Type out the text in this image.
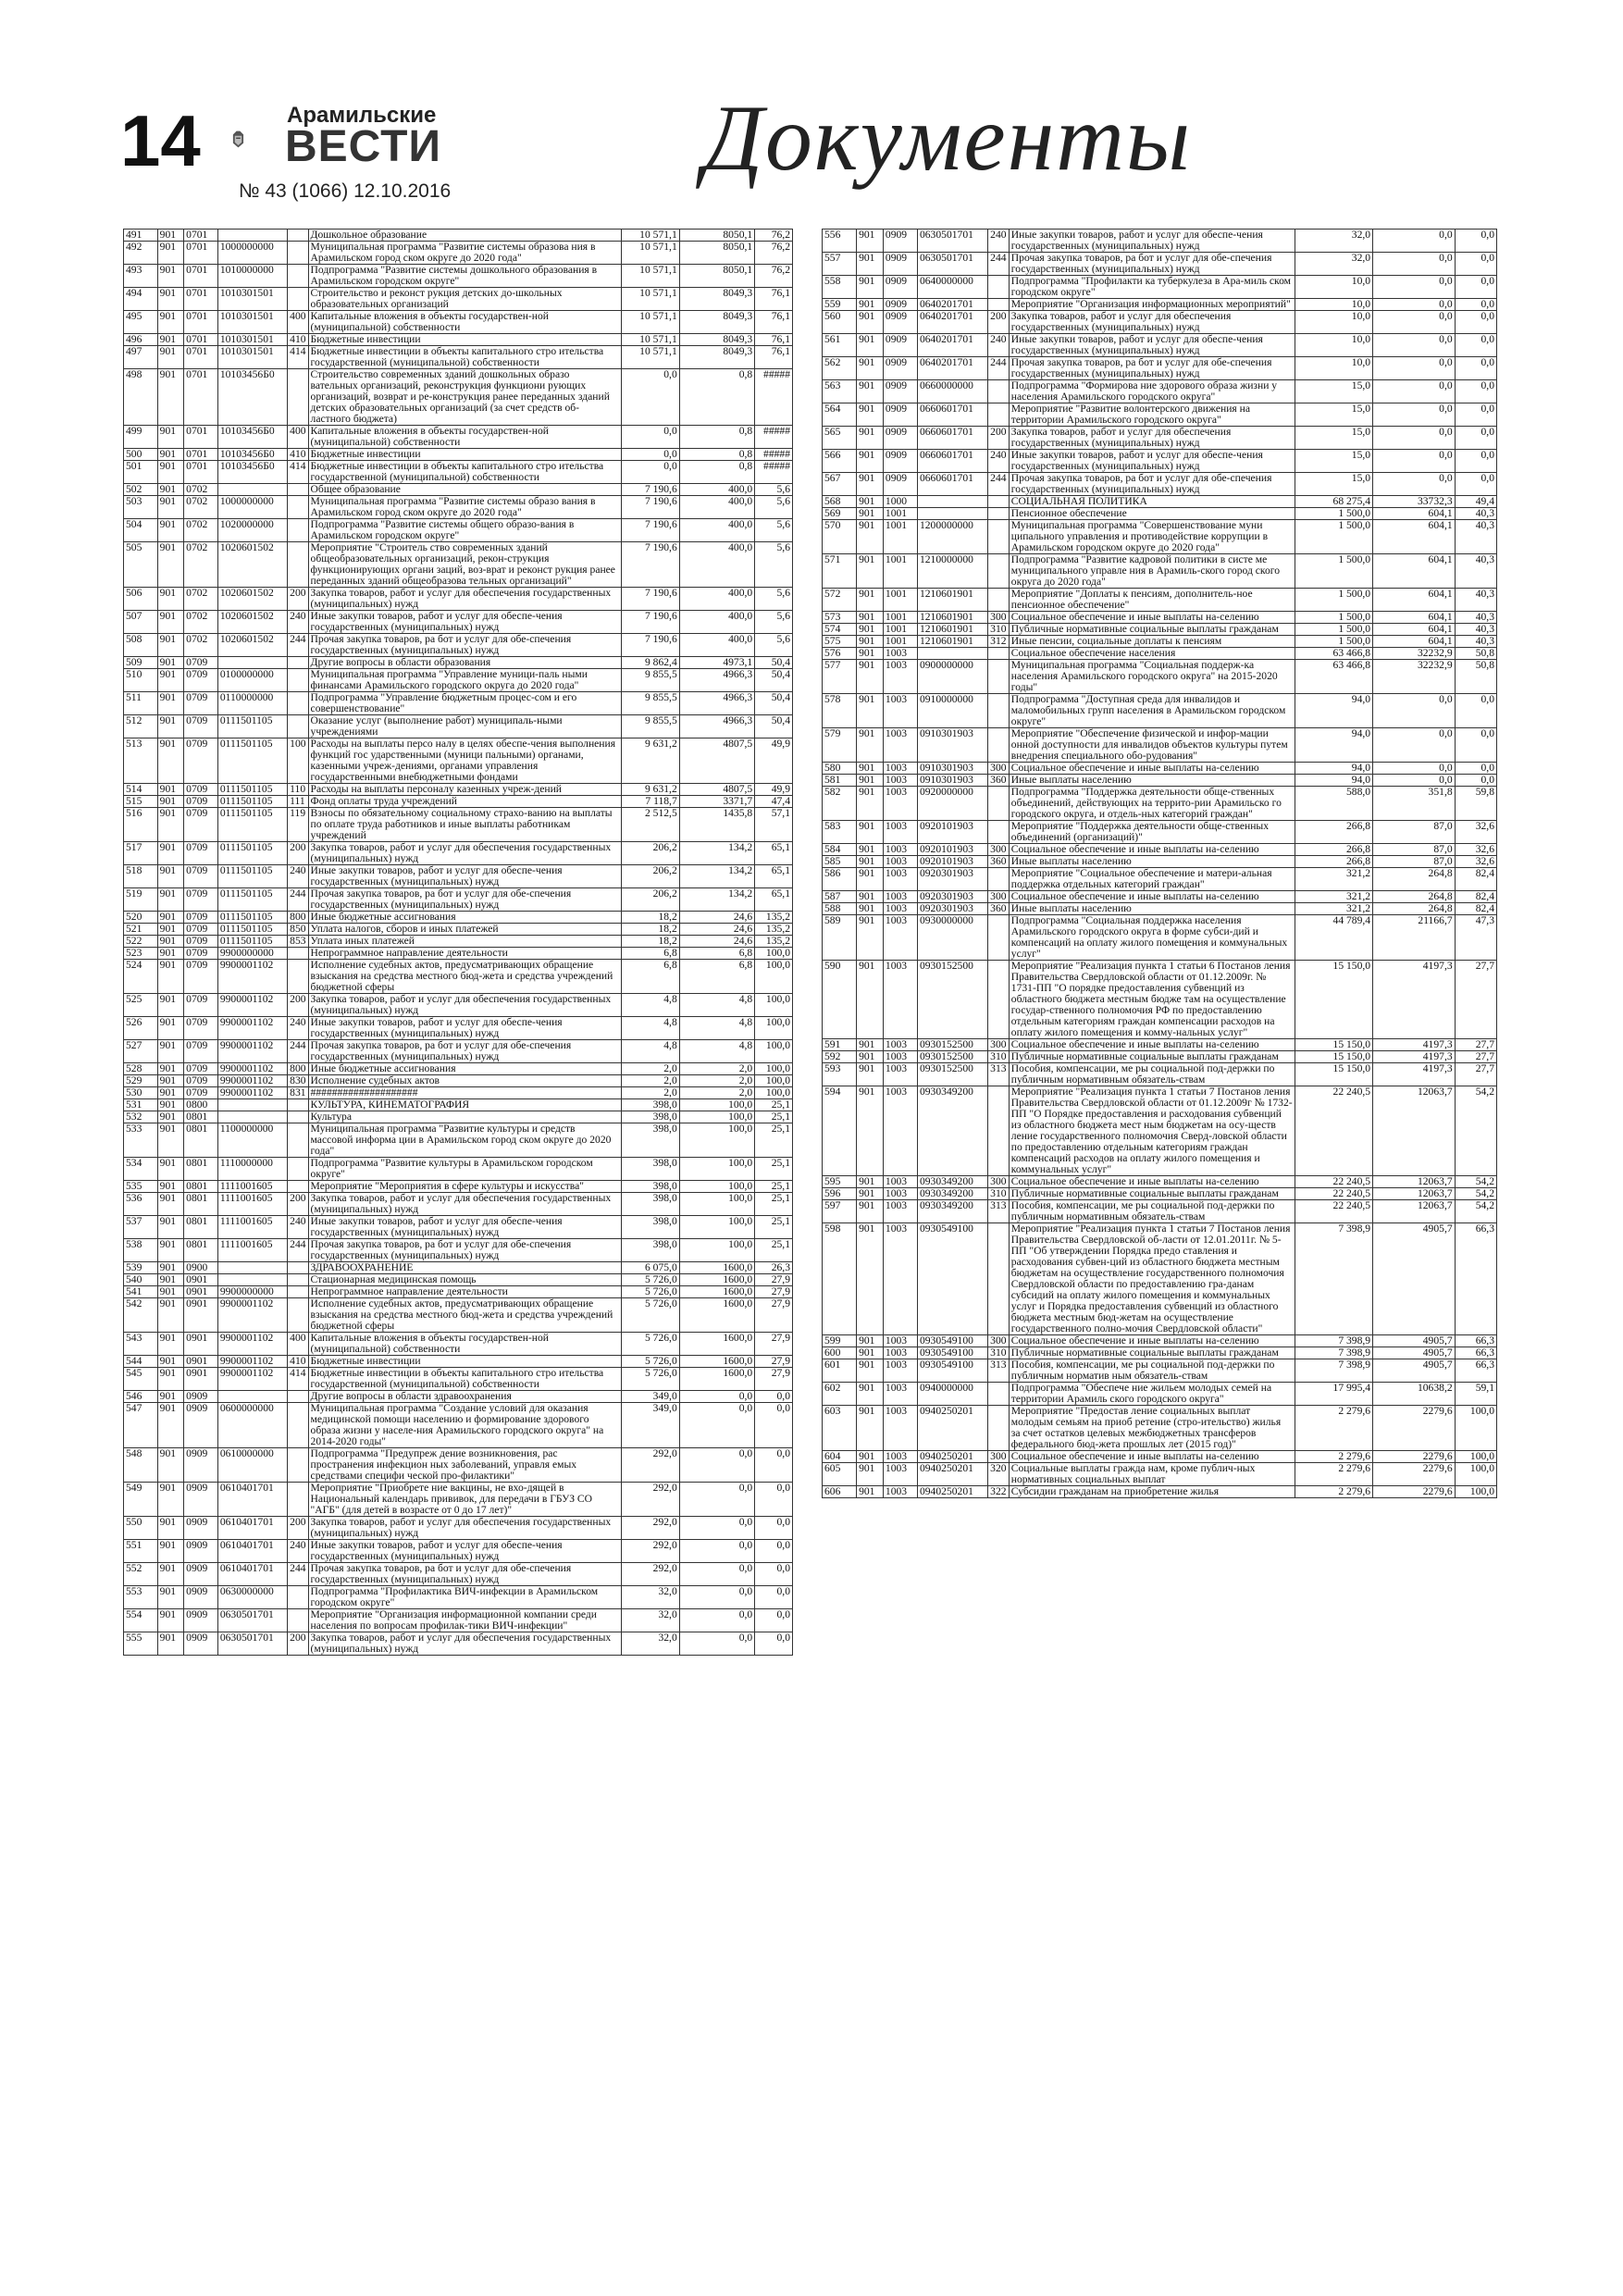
14	Арамильские
ВЕСТИ
№ 43 (1066) 12.10.2016
Документы
491	901	0701			Дошкольное образование	10 571,1	8050,1	76,2
492	901	0701	1000000000		Муниципальная программа "Развитие системы образова ния в Арамильском город ском округе до 2020 года"	10 571,1	8050,1	76,2
493	901	0701	1010000000		Подпрограмма "Развитие системы дошкольного образования в Арамильском городском округе"	10 571,1	8050,1	76,2
494	901	0701	1010301501		Строительство и реконст рукция детских до-школьных образовательных организаций	10 571,1	8049,3	76,1
495	901	0701	1010301501	400	Капитальные вложения в объекты государствен-ной (муниципальной) собственности	10 571,1	8049,3	76,1
496	901	0701	1010301501	410	Бюджетные инвестиции	10 571,1	8049,3	76,1
497	901	0701	1010301501	414	Бюджетные инвестиции в объекты капитального стро ительства государственной (муниципальной) собственности	10 571,1	8049,3	76,1
498	901	0701	10103456Б0		Строительство современных зданий дошкольных образо вательных организаций, реконструкция функциони рующих организаций, возврат и ре-конструкция ранее переданных зданий детских образовательных организаций (за счет средств об-ластного бюджета)	0,0	0,8	#####
499	901	0701	10103456Б0	400	Капитальные вложения в объекты государствен-ной (муниципальной) собственности	0,0	0,8	#####
500	901	0701	10103456Б0	410	Бюджетные инвестиции	0,0	0,8	#####
501	901	0701	10103456Б0	414	Бюджетные инвестиции в объекты капитального стро ительства государственной (муниципальной) собственности	0,0	0,8	#####
502	901	0702			Общее образование	7 190,6	400,0	5,6
503	901	0702	1000000000		Муниципальная программа "Развитие системы образо вания в Арамильском город ском округе до 2020 года"	7 190,6	400,0	5,6
504	901	0702	1020000000		Подпрограмма "Развитие системы общего образо-вания в Арамильском городском округе"	7 190,6	400,0	5,6
505	901	0702	1020601502		Мероприятие "Строитель ство современных зданий общеобразовательных организаций, рекон-струкция функционирующих органи заций, воз-врат и реконст рукция ранее переданных зданий общеобразова тельных организаций"	7 190,6	400,0	5,6
506	901	0702	1020601502	200	Закупка товаров, работ и услуг для обеспечения государственных (муниципальных) нужд	7 190,6	400,0	5,6
507	901	0702	1020601502	240	Иные закупки товаров, работ и услуг для обеспе-чения государственных (муниципальных) нужд	7 190,6	400,0	5,6
508	901	0702	1020601502	244	Прочая закупка товаров, ра бот и услуг для обе-спечения государственных (муниципальных) нужд	7 190,6	400,0	5,6
509	901	0709			Другие вопросы в области образования	9 862,4	4973,1	50,4
510	901	0709	0100000000		Муниципальная программа "Управление муници-паль ными финансами Арамильского городского округа до 2020 года"	9 855,5	4966,3	50,4
511	901	0709	0110000000		Подпрограмма "Управление бюджетным процес-сом и его совершенствование"	9 855,5	4966,3	50,4
512	901	0709	0111501105		Оказание услуг (выполнение работ) муниципаль-ными учреждениями	9 855,5	4966,3	50,4
513	901	0709	0111501105	100	Расходы на выплаты персо налу в целях обеспе-чения выполнения функций гос ударственными (муници пальными) органами, казенными учреж-дениями, органами управления государственными внебюджетными фондами	9 631,2	4807,5	49,9
514	901	0709	0111501105	110	Расходы на выплаты персоналу казенных учреж-дений	9 631,2	4807,5	49,9
515	901	0709	0111501105	111	Фонд оплаты труда учреждений	7 118,7	3371,7	47,4
516	901	0709	0111501105	119	Взносы по обязательному социальному страхо-ванию на выплаты по оплате труда работников и иные выплаты работникам учреждений	2 512,5	1435,8	57,1
517	901	0709	0111501105	200	Закупка товаров, работ и услуг для обеспечения государственных (муниципальных) нужд	206,2	134,2	65,1
518	901	0709	0111501105	240	Иные закупки товаров, работ и услуг для обеспе-чения государственных (муниципальных) нужд	206,2	134,2	65,1
519	901	0709	0111501105	244	Прочая закупка товаров, ра бот и услуг для обе-спечения государственных (муниципальных) нужд	206,2	134,2	65,1
520	901	0709	0111501105	800	Иные бюджетные ассигнования	18,2	24,6	135,2
521	901	0709	0111501105	850	Уплата налогов, сборов и иных платежей	18,2	24,6	135,2
522	901	0709	0111501105	853	Уплата иных платежей	18,2	24,6	135,2
523	901	0709	9900000000		Непрограммное направление деятельности	6,8	6,8	100,0
524	901	0709	9900001102		Исполнение судебных актов, предусматривающих обращение взыскания на средства местного бюд-жета и средства учреждений бюджетной сферы	6,8	6,8	100,0
525	901	0709	9900001102	200	Закупка товаров, работ и услуг для обеспечения государственных (муниципальных) нужд	4,8	4,8	100,0
526	901	0709	9900001102	240	Иные закупки товаров, работ и услуг для обеспе-чения государственных (муниципальных) нужд	4,8	4,8	100,0
527	901	0709	9900001102	244	Прочая закупка товаров, ра бот и услуг для обе-спечения государственных (муниципальных) нужд	4,8	4,8	100,0
528	901	0709	9900001102	800	Иные бюджетные ассигнования	2,0	2,0	100,0
529	901	0709	9900001102	830	Исполнение судебных актов	2,0	2,0	100,0
530	901	0709	9900001102	831	####################	2,0	2,0	100,0
531	901	0800			КУЛЬТУРА, КИНЕМАТОГРАФИЯ	398,0	100,0	25,1
532	901	0801			Культура	398,0	100,0	25,1
533	901	0801	1100000000		Муниципальная программа "Развитие культуры и средств массовой информа ции в Арамильском город ском округе до 2020 года"	398,0	100,0	25,1
534	901	0801	1110000000		Подпрограмма "Развитие культуры в Арамильском городском округе"	398,0	100,0	25,1
535	901	0801	1111001605		Мероприятие "Мероприятия в сфере культуры и искусства"	398,0	100,0	25,1
536	901	0801	1111001605	200	Закупка товаров, работ и услуг для обеспечения государственных (муниципальных) нужд	398,0	100,0	25,1
537	901	0801	1111001605	240	Иные закупки товаров, работ и услуг для обеспе-чения государственных (муниципальных) нужд	398,0	100,0	25,1
538	901	0801	1111001605	244	Прочая закупка товаров, ра бот и услуг для обе-спечения государственных (муниципальных) нужд	398,0	100,0	25,1
539	901	0900			ЗДРАВООХРАНЕНИЕ	6 075,0	1600,0	26,3
540	901	0901			Стационарная медицинская помощь	5 726,0	1600,0	27,9
541	901	0901	9900000000		Непрограммное направление деятельности	5 726,0	1600,0	27,9
542	901	0901	9900001102		Исполнение судебных актов, предусматривающих обращение взыскания на средства местного бюд-жета и средства учреждений бюджетной сферы	5 726,0	1600,0	27,9
543	901	0901	9900001102	400	Капитальные вложения в объекты государствен-ной (муниципальной) собственности	5 726,0	1600,0	27,9
544	901	0901	9900001102	410	Бюджетные инвестиции	5 726,0	1600,0	27,9
545	901	0901	9900001102	414	Бюджетные инвестиции в объекты капитального стро ительства государственной (муниципальной) собственности	5 726,0	1600,0	27,9
546	901	0909			Другие вопросы в области здравоохранения	349,0	0,0	0,0
547	901	0909	0600000000		Муниципальная программа "Создание условий для оказания медицинской помощи населению и формирование здорового образа жизни у населе-ния Арамильского городского округа" на 2014-2020 годы"	349,0	0,0	0,0
548	901	0909	0610000000		Подпрограмма "Предупреж дение возникновения, рас пространения инфекцион ных заболеваний, управля емых средствами специфи ческой про-филактики"	292,0	0,0	0,0
549	901	0909	0610401701		Мероприятие "Приобрете ние вакцины, не вхо-дящей в Национальный календарь прививок, для передачи в ГБУЗ СО "АГБ" (для детей в возрасте от 0 до 17 лет)"	292,0	0,0	0,0
550	901	0909	0610401701	200	Закупка товаров, работ и услуг для обеспечения государственных (муниципальных) нужд	292,0	0,0	0,0
551	901	0909	0610401701	240	Иные закупки товаров, работ и услуг для обеспе-чения государственных (муниципальных) нужд	292,0	0,0	0,0
552	901	0909	0610401701	244	Прочая закупка товаров, ра бот и услуг для обе-спечения государственных (муниципальных) нужд	292,0	0,0	0,0
553	901	0909	0630000000		Подпрограмма "Профилактика ВИЧ-инфекции в Арамильском городском округе"	32,0	0,0	0,0
554	901	0909	0630501701		Мероприятие "Организация информационной компании среди населения по вопросам профилак-тики ВИЧ-инфекции"	32,0	0,0	0,0
555	901	0909	0630501701	200	Закупка товаров, работ и услуг для обеспечения государственных (муниципальных) нужд	32,0	0,0	0,0
556	901	0909	0630501701	240	Иные закупки товаров, работ и услуг для обеспе-чения государственных (муниципальных) нужд	32,0	0,0	0,0
557	901	0909	0630501701	244	Прочая закупка товаров, ра бот и услуг для обе-спечения государственных (муниципальных) нужд	32,0	0,0	0,0
558	901	0909	0640000000		Подпрограмма "Профилакти ка туберкулеза в Ара-миль ском городском округе"	10,0	0,0	0,0
559	901	0909	0640201701		Мероприятие "Организация информационных мероприятий"	10,0	0,0	0,0
560	901	0909	0640201701	200	Закупка товаров, работ и услуг для обеспечения государственных (муниципальных) нужд	10,0	0,0	0,0
561	901	0909	0640201701	240	Иные закупки товаров, работ и услуг для обеспе-чения государственных (муниципальных) нужд	10,0	0,0	0,0
562	901	0909	0640201701	244	Прочая закупка товаров, ра бот и услуг для обе-спечения государственных (муниципальных) нужд	10,0	0,0	0,0
563	901	0909	0660000000		Подпрограмма "Формирова ние здорового образа жизни у населения Арамильского городского округа"	15,0	0,0	0,0
564	901	0909	0660601701		Мероприятие "Развитие волонтерского движения на территории Арамильского городского округа"	15,0	0,0	0,0
565	901	0909	0660601701	200	Закупка товаров, работ и услуг для обеспечения государственных (муниципальных) нужд	15,0	0,0	0,0
566	901	0909	0660601701	240	Иные закупки товаров, работ и услуг для обеспе-чения государственных (муниципальных) нужд	15,0	0,0	0,0
567	901	0909	0660601701	244	Прочая закупка товаров, ра бот и услуг для обе-спечения государственных (муниципальных) нужд	15,0	0,0	0,0
568	901	1000			СОЦИАЛЬНАЯ ПОЛИТИКА	68 275,4	33732,3	49,4
569	901	1001			Пенсионное обеспечение	1 500,0	604,1	40,3
570	901	1001	1200000000		Муниципальная программа "Совершенствование муни ципального управления и противодействие коррупции в Арамильском городском округе до 2020 года"	1 500,0	604,1	40,3
571	901	1001	1210000000		Подпрограмма "Развитие кадровой политики в систе ме муниципального управле ния в Арамиль-ского город ского округа до 2020 года"	1 500,0	604,1	40,3
572	901	1001	1210601901		Мероприятие "Доплаты к пенсиям, дополнитель-ное пенсионное обеспечение"	1 500,0	604,1	40,3
573	901	1001	1210601901	300	Социальное обеспечение и иные выплаты на-селению	1 500,0	604,1	40,3
574	901	1001	1210601901	310	Публичные нормативные социальные выплаты гражданам	1 500,0	604,1	40,3
575	901	1001	1210601901	312	Иные пенсии, социальные доплаты к пенсиям	1 500,0	604,1	40,3
576	901	1003			Социальное обеспечение населения	63 466,8	32232,9	50,8
577	901	1003	0900000000		Муниципальная программа "Социальная поддерж-ка населения Арамильского городского округа" на 2015-2020 годы"	63 466,8	32232,9	50,8
578	901	1003	0910000000		Подпрограмма "Доступная среда для инвалидов и маломобильных групп населения в Арамильском городском округе"	94,0	0,0	0,0
579	901	1003	0910301903		Мероприятие "Обеспечение физической и инфор-мации онной доступности для инвалидов объектов культуры путем внедрения специального обо-рудования"	94,0	0,0	0,0
580	901	1003	0910301903	300	Социальное обеспечение и иные выплаты на-селению	94,0	0,0	0,0
581	901	1003	0910301903	360	Иные выплаты населению	94,0	0,0	0,0
582	901	1003	0920000000		Подпрограмма "Поддержка деятельности обще-ственных объединений, действующих на террито-рии Арамильско го городского округа, и отдель-ных категорий граждан"	588,0	351,8	59,8
583	901	1003	0920101903		Мероприятие "Поддержка деятельности обще-ственных объединений (организаций)"	266,8	87,0	32,6
584	901	1003	0920101903	300	Социальное обеспечение и иные выплаты на-селению	266,8	87,0	32,6
585	901	1003	0920101903	360	Иные выплаты населению	266,8	87,0	32,6
586	901	1003	0920301903		Мероприятие "Социальное обеспечение и матери-альная поддержка отдельных категорий граждан"	321,2	264,8	82,4
587	901	1003	0920301903	300	Социальное обеспечение и иные выплаты на-селению	321,2	264,8	82,4
588	901	1003	0920301903	360	Иные выплаты населению	321,2	264,8	82,4
589	901	1003	0930000000		Подпрограмма "Социальная поддержка населения Арамильского городского округа в форме субси-дий и компенсаций на оплату жилого помещения и коммунальных услуг"	44 789,4	21166,7	47,3
590	901	1003	0930152500		Мероприятие "Реализация пункта 1 статьи 6 Постанов ления Правительства Свердловской области от 01.12.2009г. № 1731-ПП "О порядке предоставления субвенций из областного бюджета местным бюдже там на осуществление государ-ственного полномочия РФ по предоставлению отдельным категориям граждан компенсации расходов на оплату жилого помещения и комму-нальных услуг"	15 150,0	4197,3	27,7
591	901	1003	0930152500	300	Социальное обеспечение и иные выплаты на-селению	15 150,0	4197,3	27,7
592	901	1003	0930152500	310	Публичные нормативные социальные выплаты гражданам	15 150,0	4197,3	27,7
593	901	1003	0930152500	313	Пособия, компенсации, ме ры социальной под-держки по публичным нормативным обязатель-ствам	15 150,0	4197,3	27,7
594	901	1003	0930349200		Мероприятие "Реализация пункта 1 статьи 7 Постанов ления Правительства Свердловской области от 01.12.2009г № 1732-ПП "О Порядке предоставления и расходования субвенций из областного бюджета мест ным бюджетам на осу-ществ ление государственного полномочия Сверд-ловской области по предоставлению отдельным категориям граждан компенсаций расходов на оплату жилого помещения и коммунальных услуг"	22 240,5	12063,7	54,2
595	901	1003	0930349200	300	Социальное обеспечение и иные выплаты на-селению	22 240,5	12063,7	54,2
596	901	1003	0930349200	310	Публичные нормативные социальные выплаты гражданам	22 240,5	12063,7	54,2
597	901	1003	0930349200	313	Пособия, компенсации, ме ры социальной под-держки по публичным нормативным обязатель-ствам	22 240,5	12063,7	54,2
598	901	1003	0930549100		Мероприятие "Реализация пункта 1 статьи 7 Постанов ления Правительства Свердловской об-ласти от 12.01.2011г. № 5-ПП "Об утверждении Порядка предо ставления и расходования субвен-ций из областного бюджета местным бюджетам на осуществление государственного полномочия Свердловской области по предоставлению гра-данам субсидий на оплату жилого помещения и коммунальных услуг и Порядка предоставления субвенций из областного бюджета местным бюд-жетам на осуществление государственного полно-мочия Свердловской области"	7 398,9	4905,7	66,3
599	901	1003	0930549100	300	Социальное обеспечение и иные выплаты на-селению	7 398,9	4905,7	66,3
600	901	1003	0930549100	310	Публичные нормативные социальные выплаты гражданам	7 398,9	4905,7	66,3
601	901	1003	0930549100	313	Пособия, компенсации, ме ры социальной под-держки по публичным норматив ным обязатель-ствам	7 398,9	4905,7	66,3
602	901	1003	0940000000		Подпрограмма "Обеспече ние жильем молодых семей на территории Арамиль ского городского округа"	17 995,4	10638,2	59,1
603	901	1003	0940250201		Мероприятие "Предостав ление социальных выплат молодым семьям на приоб ретение (стро-ительство) жилья за счет остатков целевых межбюджетных трансферов федерального бюд-жета прошлых лет (2015 год)"	2 279,6	2279,6	100,0
604	901	1003	0940250201	300	Социальное обеспечение и иные выплаты на-селению	2 279,6	2279,6	100,0
605	901	1003	0940250201	320	Социальные выплаты гражда нам, кроме публич-ных нормативных социальных выплат	2 279,6	2279,6	100,0
606	901	1003	0940250201	322	Субсидии гражданам на приобретение жилья	2 279,6	2279,6	100,0
